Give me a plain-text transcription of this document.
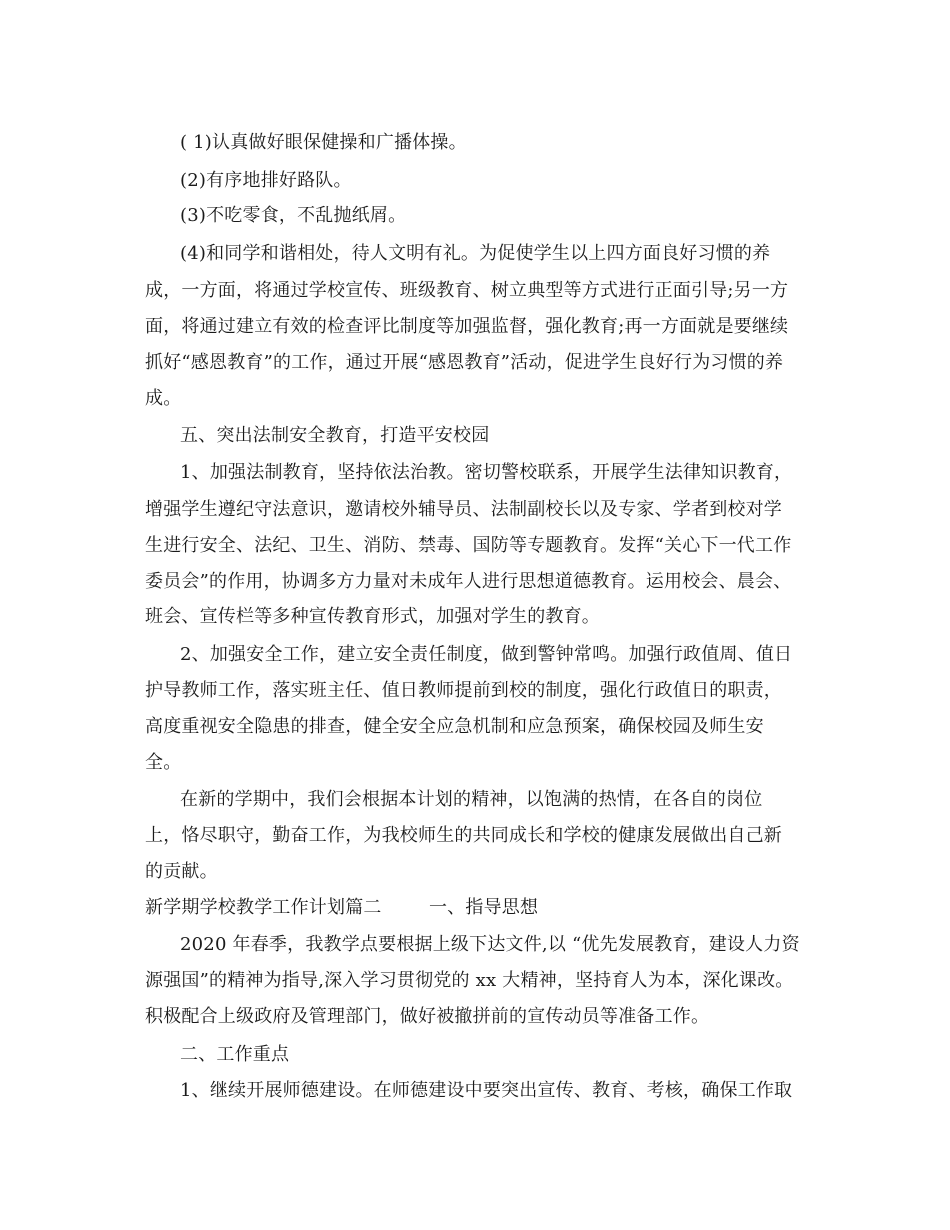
( 1)认真做好眼保健操和广播体操。
(2)有序地排好路队。
(3)不吃零食，不乱抛纸屑。
(4)和同学和谐相处，待人文明有礼。为促使学生以上四方面良好习惯的养
成，一方面，将通过学校宣传、班级教育、树立典型等方式进行正面引导;另一方
面，将通过建立有效的检查评比制度等加强监督，强化教育;再一方面就是要继续
抓好“感恩教育”的工作，通过开展“感恩教育”活动，促进学生良好行为习惯的养
成。
五、突出法制安全教育，打造平安校园
1、加强法制教育，坚持依法治教。密切警校联系，开展学生法律知识教育，
增强学生遵纪守法意识，邀请校外辅导员、法制副校长以及专家、学者到校对学
生进行安全、法纪、卫生、消防、禁毒、国防等专题教育。发挥“关心下一代工作
委员会”的作用，协调多方力量对未成年人进行思想道德教育。运用校会、晨会、
班会、宣传栏等多种宣传教育形式，加强对学生的教育。
2、加强安全工作，建立安全责任制度，做到警钟常鸣。加强行政值周、值日
护导教师工作，落实班主任、值日教师提前到校的制度，强化行政值日的职责，
高度重视安全隐患的排查，健全安全应急机制和应急预案，确保校园及师生安
全。
在新的学期中，我们会根据本计划的精神，以饱满的热情，在各自的岗位
上，恪尽职守，勤奋工作，为我校师生的共同成长和学校的健康发展做出自己新
的贡献。
新学期学校教学工作计划篇二        一、指导思想
2020 年春季，我教学点要根据上级下达文件,以 “优先发展教育，建设人力资
源强国”的精神为指导,深入学习贯彻党的 xx 大精神，坚持育人为本，深化课改。
积极配合上级政府及管理部门，做好被撤拼前的宣传动员等准备工作。
二、工作重点
1、继续开展师德建设。在师德建设中要突出宣传、教育、考核，确保工作取
